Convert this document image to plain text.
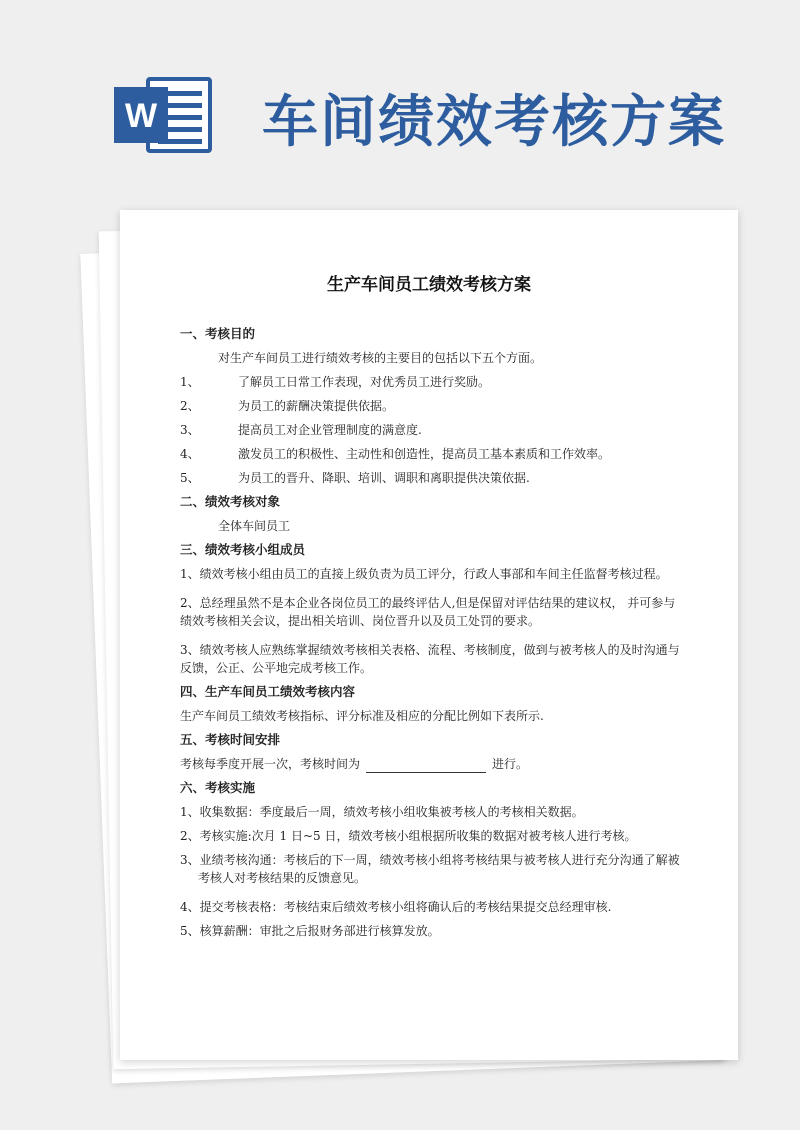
W 车间绩效考核方案
生产车间员工绩效考核方案
一、考核目的
对生产车间员工进行绩效考核的主要目的包括以下五个方面。
1、	了解员工日常工作表现，对优秀员工进行奖励。
2、	为员工的薪酬决策提供依据。
3、	提高员工对企业管理制度的满意度.
4、	激发员工的积极性、主动性和创造性，提高员工基本素质和工作效率。
5、	为员工的晋升、降职、培训、调职和离职提供决策依据.
二、绩效考核对象
全体车间员工
三、绩效考核小组成员
1、绩效考核小组由员工的直接上级负责为员工评分，行政人事部和车间主任监督考核过程。
2、总经理虽然不是本企业各岗位员工的最终评估人,但是保留对评估结果的建议权， 并可参与绩效考核相关会议，提出相关培训、岗位晋升以及员工处罚的要求。
3、绩效考核人应熟练掌握绩效考核相关表格、流程、考核制度，做到与被考核人的及时沟通与反馈，公正、公平地完成考核工作。
四、生产车间员工绩效考核内容
生产车间员工绩效考核指标、评分标准及相应的分配比例如下表所示.
五、考核时间安排
考核每季度开展一次，考核时间为	进行。
六、考核实施
1、收集数据：季度最后一周，绩效考核小组收集被考核人的考核相关数据。
2、考核实施:次月 1 日~5 日，绩效考核小组根据所收集的数据对被考核人进行考核。
3、业绩考核沟通：考核后的下一周，绩效考核小组将考核结果与被考核人进行充分沟通了解被考核人对考核结果的反馈意见。
4、提交考核表格：考核结束后绩效考核小组将确认后的考核结果提交总经理审核.
5、核算薪酬：审批之后报财务部进行核算发放。
